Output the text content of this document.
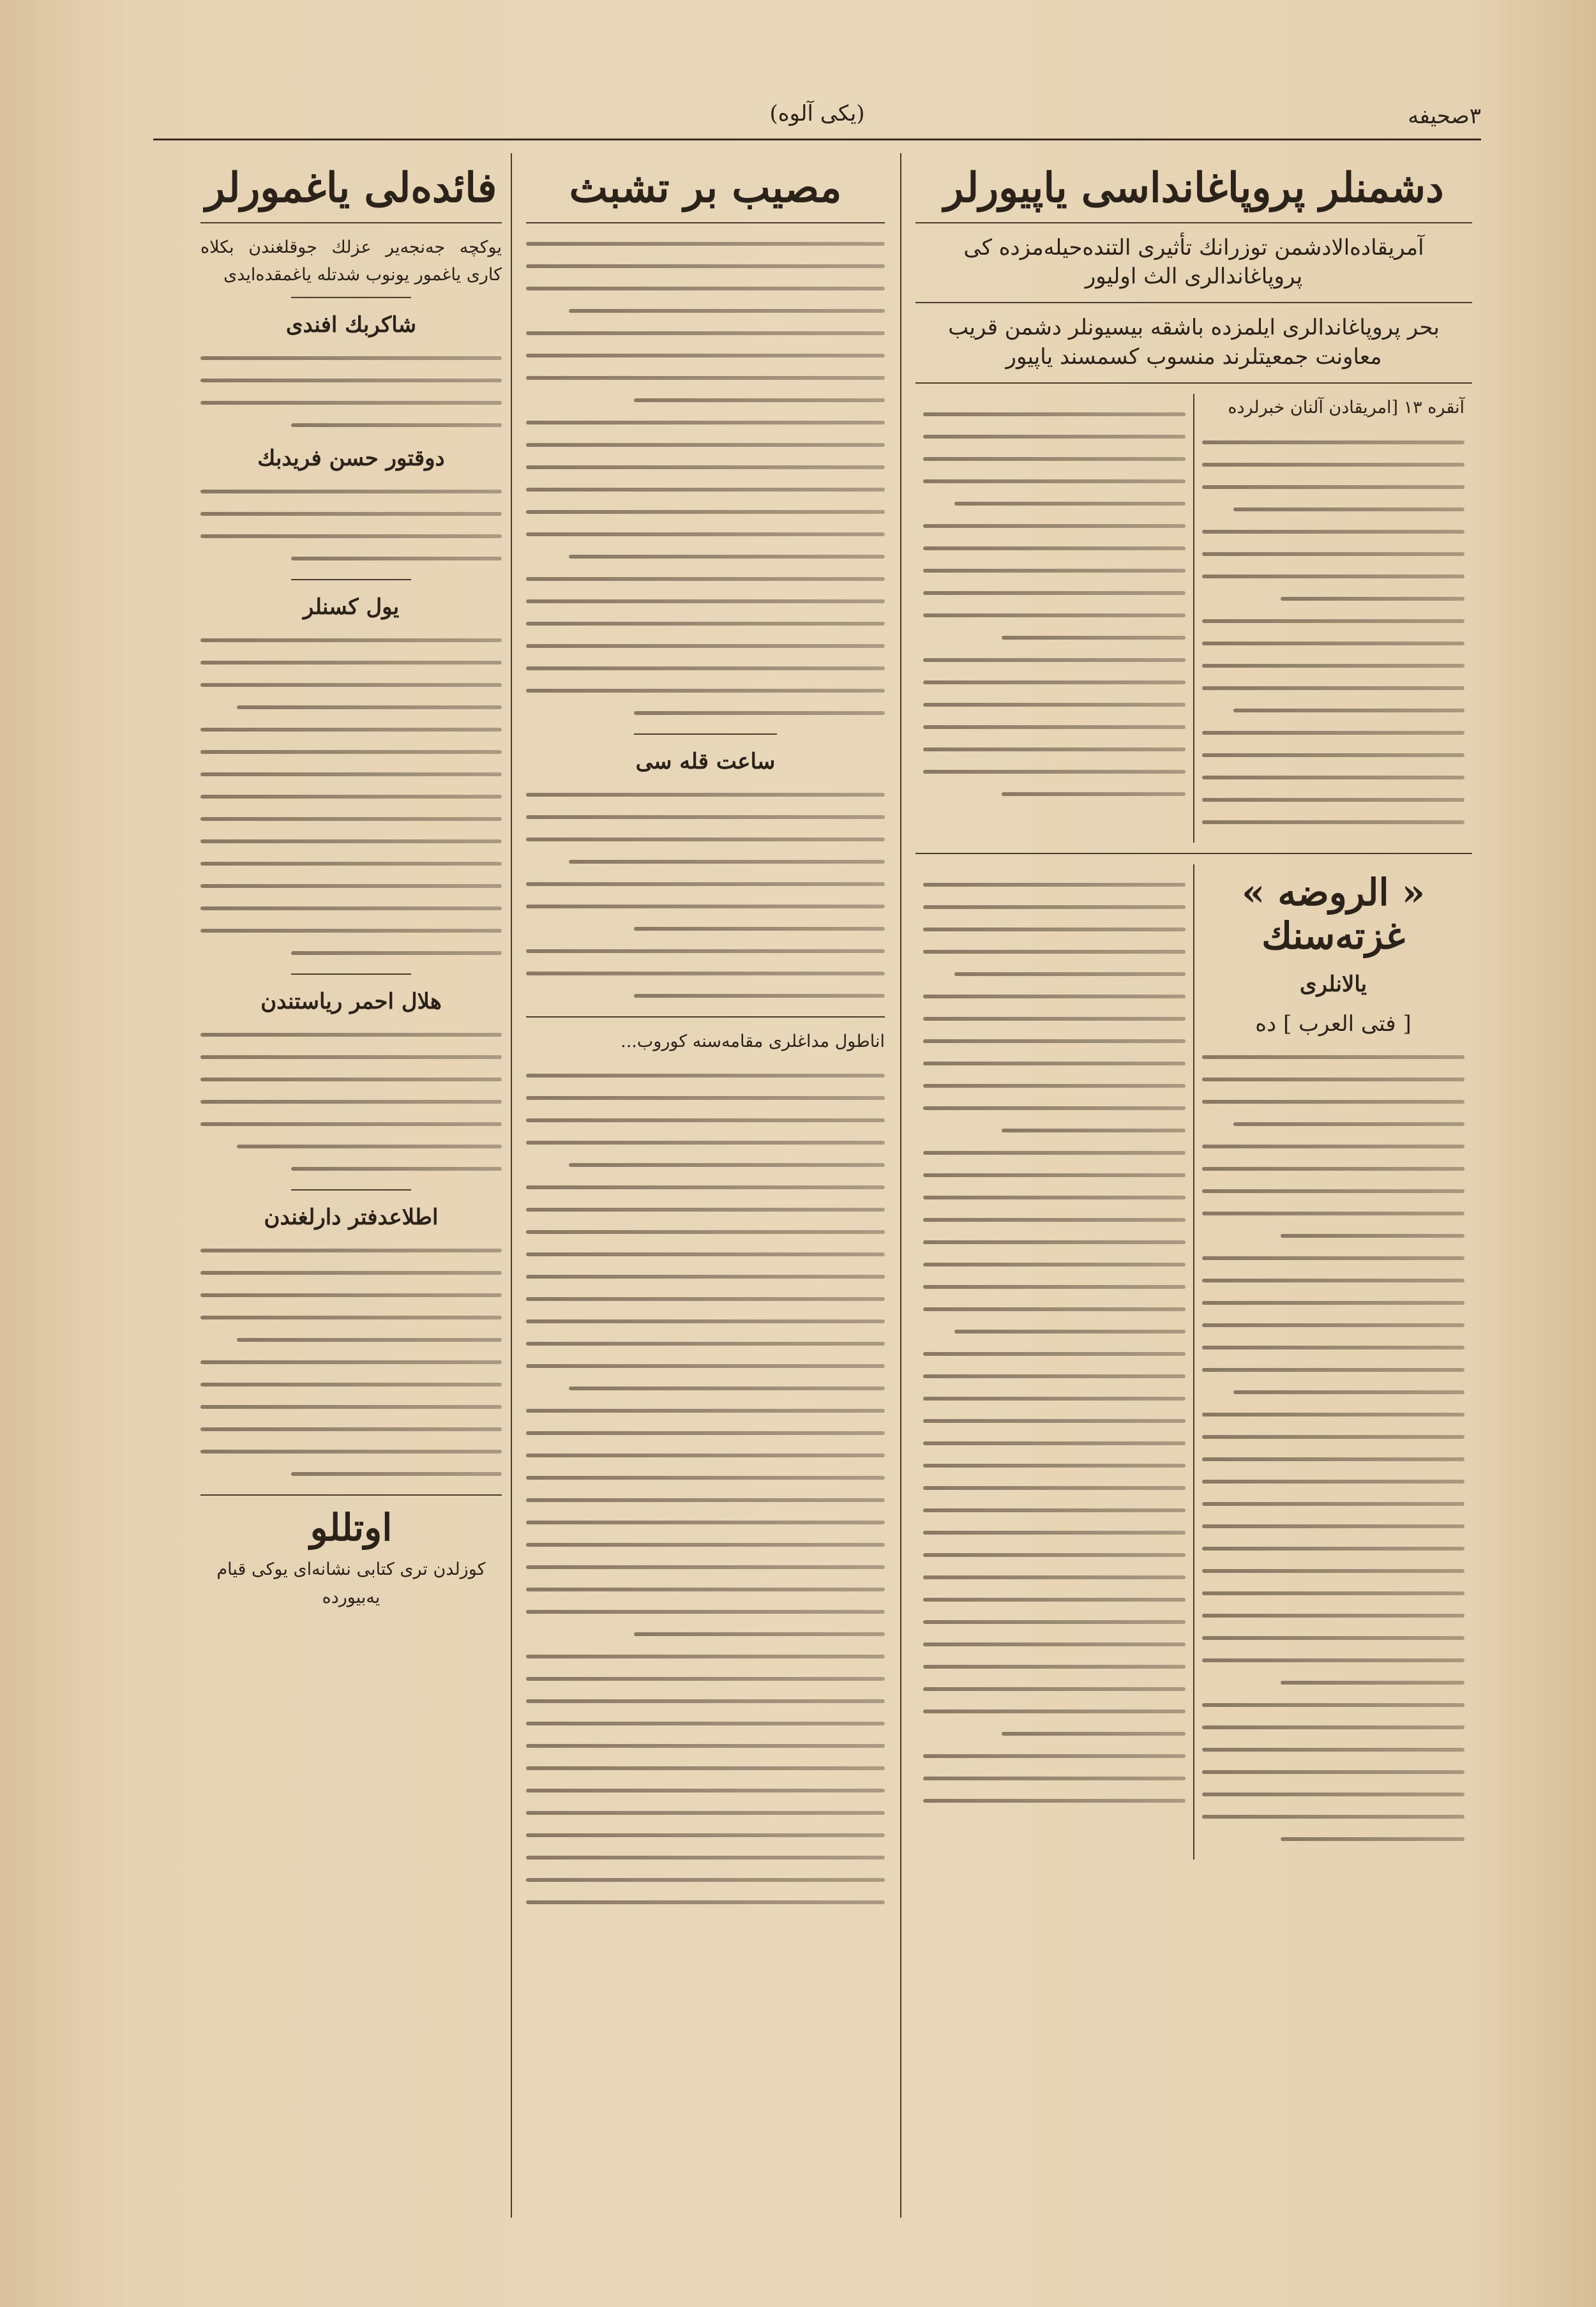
۳صحیفه
(یکی آلوه)
دشمنلر پروپاغانداسی یاپیورلر
آمریقاده‌الادشمن توزرانك تأثیری التنده‌حیله‌مزده كی پروپاغاندالری الث اولیور
بحر پروپاغاندالری ایلمزده باشقه بیسیونلر دشمن قریب معاونت جمعیتلرند منسوب کسمسند یاپیور
آنقره ۱۳ [امریقادن آلنان خبرلرده
« الروضه » غزته‌سنك
یالانلری
[ فتی العرب ] ده
مصیب بر تشبث
ساعت قله سی
اناطول مداغلری مقامه‌سنه کوروب...
فائده‌لی یاغمورلر
یوکچه جه‌نجه‌یر عزلك جوقلغندن بکلاه کاری یاغمور یونوب شدتله یاغمقده‌ایدی
شاکربك افندی
دوقتور حسن فریدبك
یول کسنلر
هلال احمر رياستندن
اطلاعدفتر دارلغندن
اوتللو
کوزلدن تری کتابی نشانه‌ای یوکی قیام یه‌بیورده
